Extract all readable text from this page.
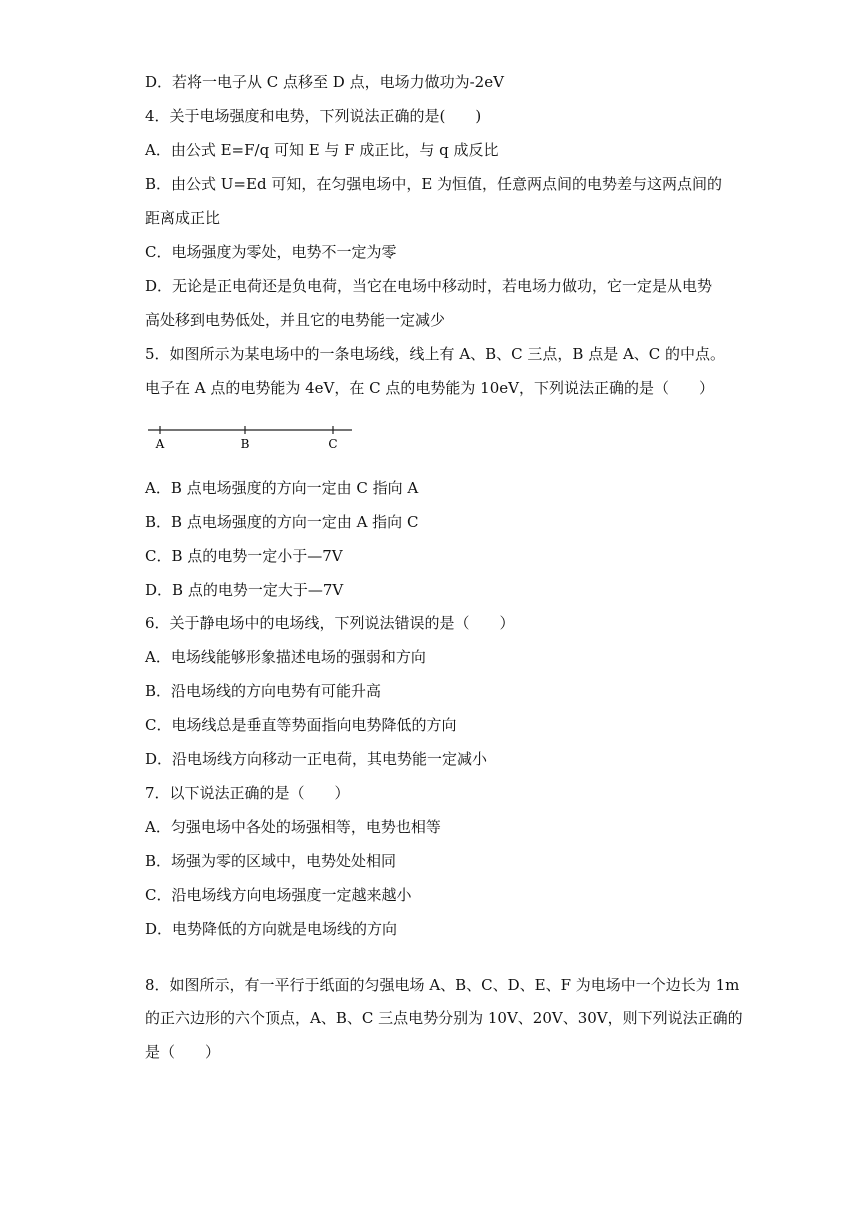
D．若将一电子从 C 点移至 D 点，电场力做功为-2eV
4．关于电场强度和电势，下列说法正确的是(　　)
A．由公式 E=F/q 可知 E 与 F 成正比，与 q 成反比
B．由公式 U=Ed 可知，在匀强电场中，E 为恒值，任意两点间的电势差与这两点间的
距离成正比
C．电场强度为零处，电势不一定为零
D．无论是正电荷还是负电荷，当它在电场中移动时，若电场力做功，它一定是从电势
高处移到电势低处，并且它的电势能一定减少
5．如图所示为某电场中的一条电场线，线上有 A、B、C 三点，B 点是 A、C 的中点。
电子在 A 点的电势能为 4eV，在 C 点的电势能为 10eV，下列说法正确的是（　　）
A	B	C
A．B 点电场强度的方向一定由 C 指向 A
B．B 点电场强度的方向一定由 A 指向 C
C．B 点的电势一定小于—7V
D．B 点的电势一定大于—7V
6．关于静电场中的电场线，下列说法错误的是（　　）
A．电场线能够形象描述电场的强弱和方向
B．沿电场线的方向电势有可能升高
C．电场线总是垂直等势面指向电势降低的方向
D．沿电场线方向移动一正电荷，其电势能一定减小
7．以下说法正确的是（　　）
A．匀强电场中各处的场强相等，电势也相等
B．场强为零的区域中，电势处处相同
C．沿电场线方向电场强度一定越来越小
D．电势降低的方向就是电场线的方向
8．如图所示，有一平行于纸面的匀强电场 A、B、C、D、E、F 为电场中一个边长为 1m
的正六边形的六个顶点，A、B、C 三点电势分别为 10V、20V、30V，则下列说法正确的
是（　　）
